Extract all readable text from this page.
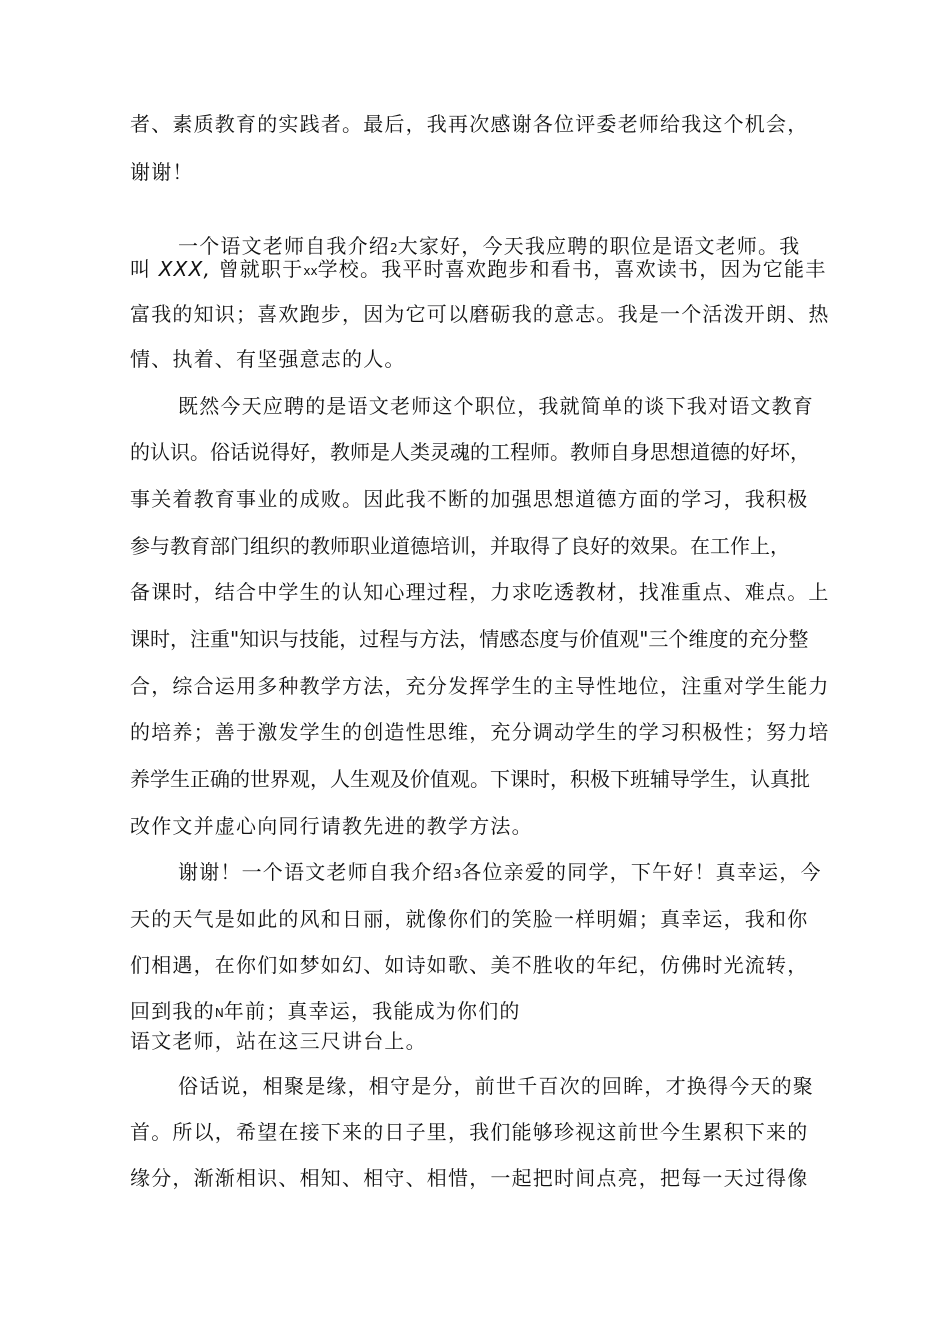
者、素质教育的实践者。最后，我再次感谢各位评委老师给我这个机会，
谢谢！
一个语文老师自我介绍2大家好，今天我应聘的职位是语文老师。我
叫 XXX, 曾就职于xx学校。我平时喜欢跑步和看书，喜欢读书，因为它能丰
富我的知识；喜欢跑步，因为它可以磨砺我的意志。我是一个活泼开朗、热
情、执着、有坚强意志的人。
既然今天应聘的是语文老师这个职位，我就简单的谈下我对语文教育
的认识。俗话说得好，教师是人类灵魂的工程师。教师自身思想道德的好坏，
事关着教育事业的成败。因此我不断的加强思想道德方面的学习，我积极
参与教育部门组织的教师职业道德培训，并取得了良好的效果。在工作上，
备课时，结合中学生的认知心理过程，力求吃透教材，找准重点、难点。上
课时，注重"知识与技能，过程与方法，情感态度与价值观"三个维度的充分整
合，综合运用多种教学方法，充分发挥学生的主导性地位，注重对学生能力
的培养；善于激发学生的创造性思维，充分调动学生的学习积极性；努力培
养学生正确的世界观，人生观及价值观。下课时，积极下班辅导学生，认真批
改作文并虚心向同行请教先进的教学方法。
谢谢！一个语文老师自我介绍3各位亲爱的同学，下午好！真幸运，今
天的天气是如此的风和日丽，就像你们的笑脸一样明媚；真幸运，我和你
们相遇，在你们如梦如幻、如诗如歌、美不胜收的年纪，仿佛时光流转，
回到我的N年前；真幸运，我能成为你们的
语文老师，站在这三尺讲台上。
俗话说，相聚是缘，相守是分，前世千百次的回眸，才换得今天的聚
首。所以，希望在接下来的日子里，我们能够珍视这前世今生累积下来的
缘分，渐渐相识、相知、相守、相惜，一起把时间点亮，把每一天过得像
